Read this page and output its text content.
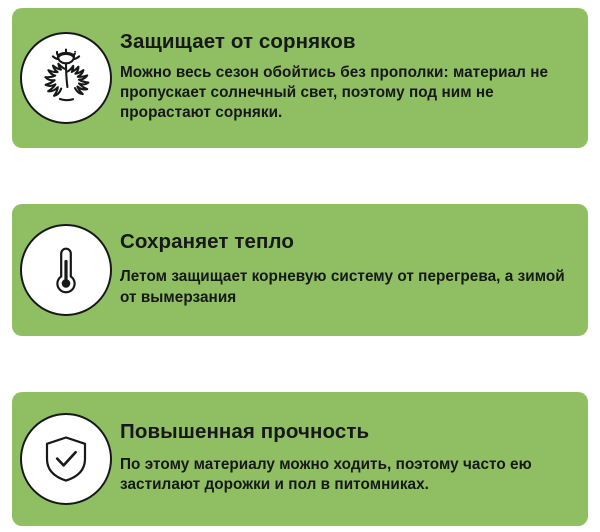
Защищает от сорняков
Можно весь сезон обойтись без прополки: материал не пропускает солнечный свет, поэтому под ним не прорастают сорняки.
Сохраняет тепло
Летом защищает корневую систему от перегрева, а зимой от вымерзания
Повышенная прочность
По этому материалу можно ходить, поэтому часто ею застилают дорожки и пол в питомниках.
